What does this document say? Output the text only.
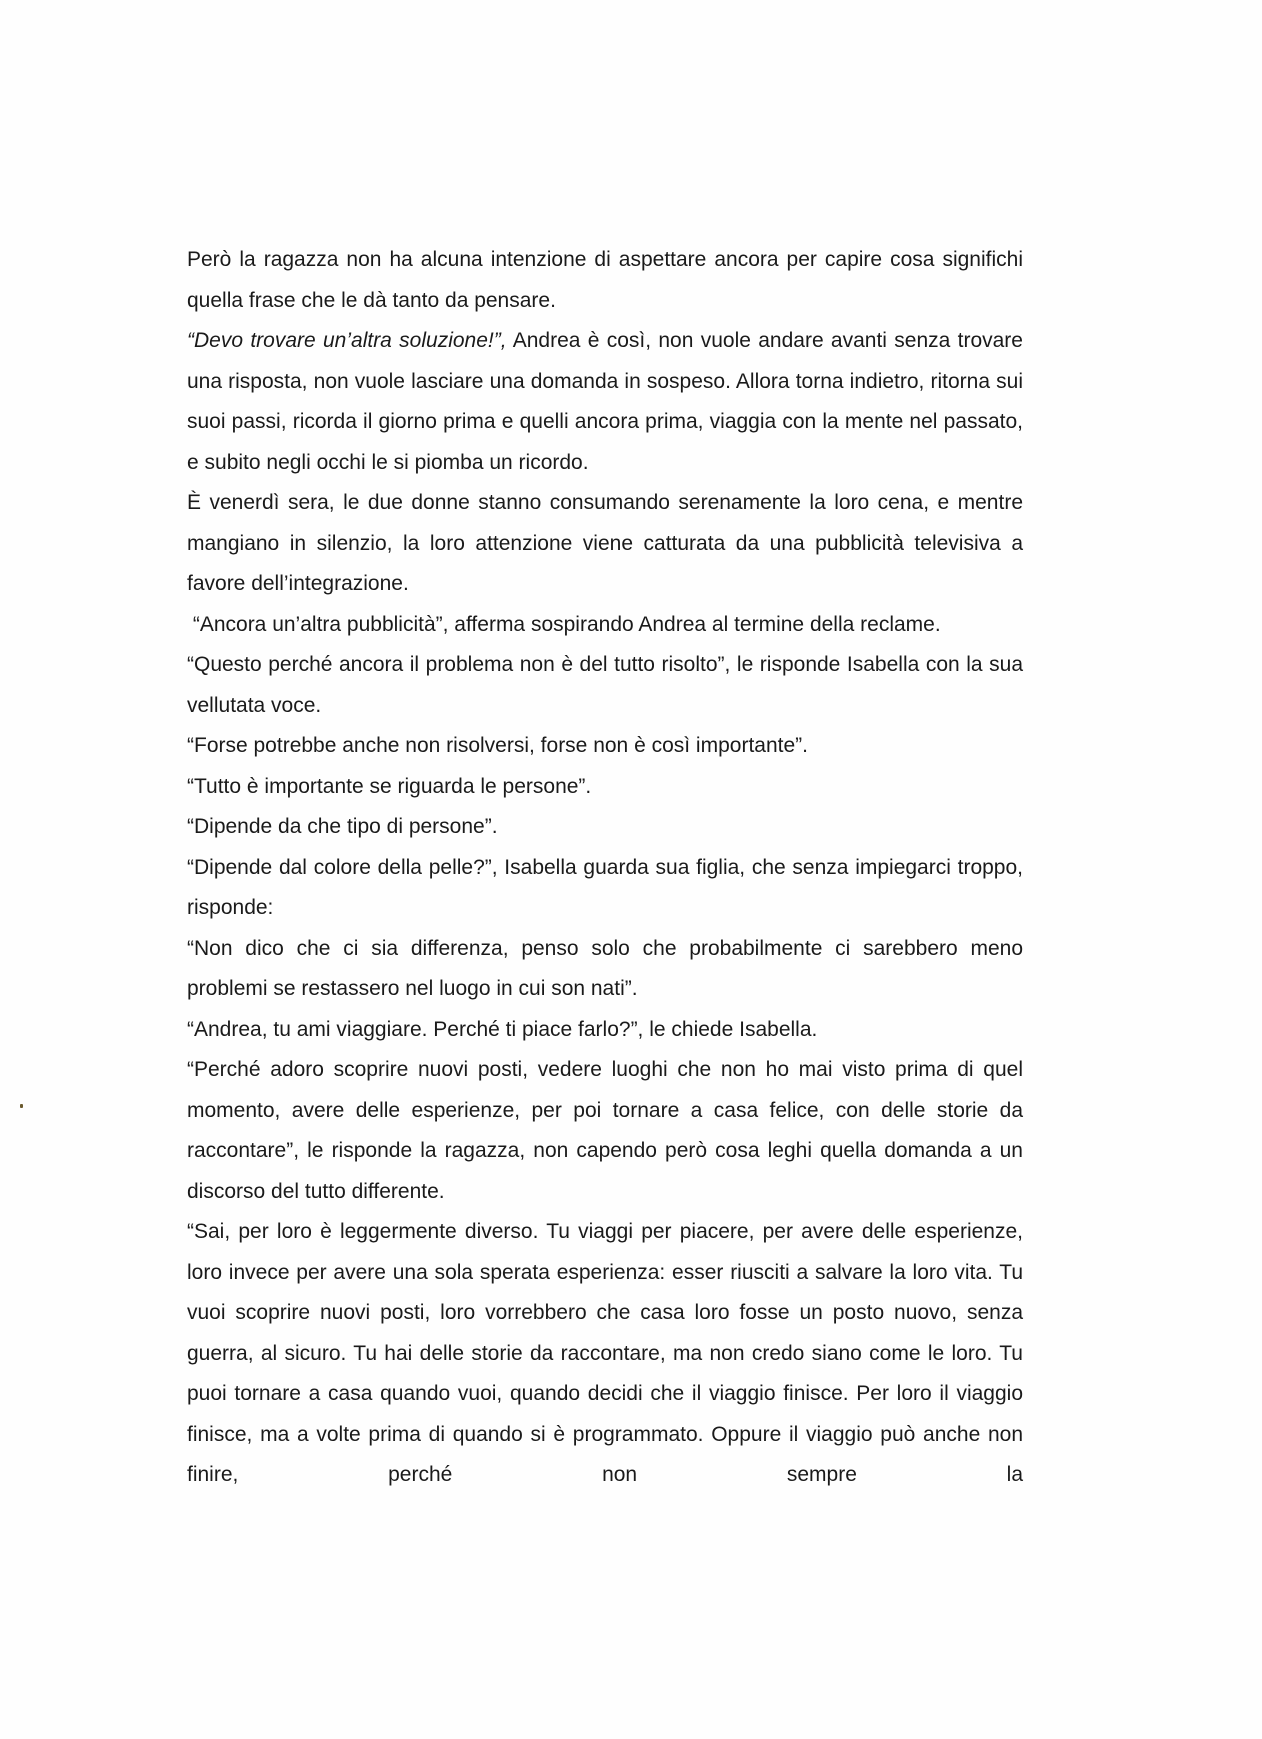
Però la ragazza non ha alcuna intenzione di aspettare ancora per capire cosa significhi quella frase che le dà tanto da pensare.

“Devo trovare un’altra soluzione!”, Andrea è così, non vuole andare avanti senza trovare una risposta, non vuole lasciare una domanda in sospeso. Allora torna indietro, ritorna sui suoi passi, ricorda il giorno prima e quelli ancora prima, viaggia con la mente nel passato, e subito negli occhi le si piomba un ricordo.

È venerdì sera, le due donne stanno consumando serenamente la loro cena, e mentre mangiano in silenzio, la loro attenzione viene catturata da una pubblicità televisiva a favore dell’integrazione.

“Ancora un’altra pubblicità”, afferma sospirando Andrea al termine della reclame.

“Questo perché ancora il problema non è del tutto risolto”, le risponde Isabella con la sua vellutata voce.

“Forse potrebbe anche non risolversi, forse non è così importante”.

“Tutto è importante se riguarda le persone”.

“Dipende da che tipo di persone”.

“Dipende dal colore della pelle?”, Isabella guarda sua figlia, che senza impiegarci troppo, risponde:

“Non dico che ci sia differenza, penso solo che probabilmente ci sarebbero meno problemi se restassero nel luogo in cui son nati”.

“Andrea, tu ami viaggiare. Perché ti piace farlo?”, le chiede Isabella.

“Perché adoro scoprire nuovi posti, vedere luoghi che non ho mai visto prima di quel momento, avere delle esperienze, per poi tornare a casa felice, con delle storie da raccontare”, le risponde la ragazza, non capendo però cosa leghi quella domanda a un discorso del tutto differente.

“Sai, per loro è leggermente diverso. Tu viaggi per piacere, per avere delle esperienze, loro invece per avere una sola sperata esperienza: esser riusciti a salvare la loro vita. Tu vuoi scoprire nuovi posti, loro vorrebbero che casa loro fosse un posto nuovo, senza guerra, al sicuro. Tu hai delle storie da raccontare, ma non credo siano come le loro. Tu puoi tornare a casa quando vuoi, quando decidi che il viaggio finisce. Per loro il viaggio finisce, ma a volte prima di quando si è programmato. Oppure il viaggio può anche non finire, perché non sempre la
